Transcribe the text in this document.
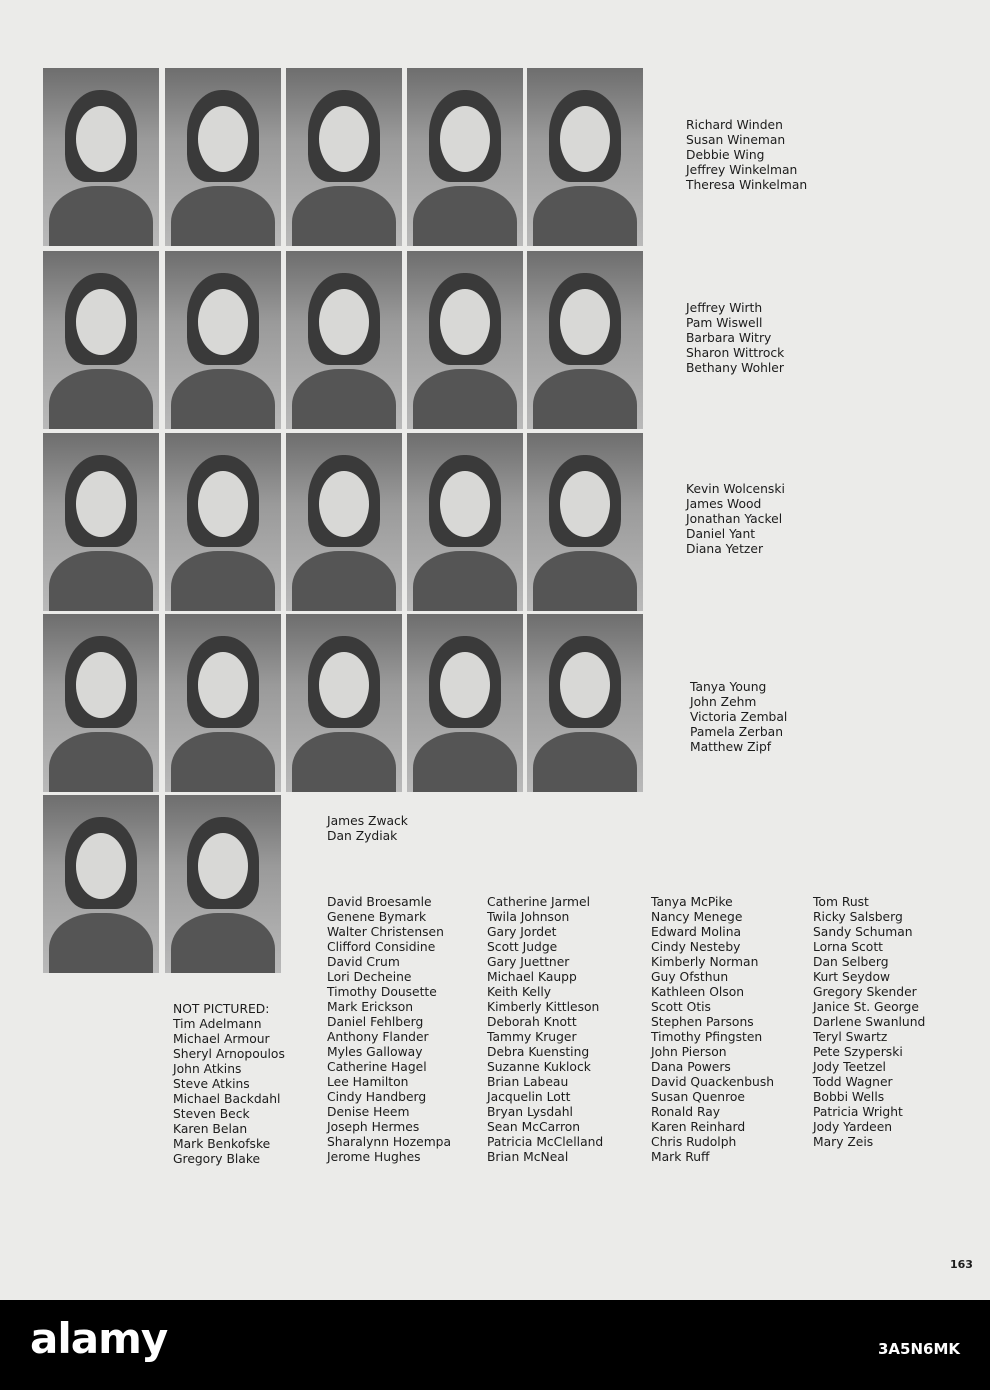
Richard Winden
Susan Wineman
Debbie Wing
Jeffrey Winkelman
Theresa Winkelman
Jeffrey Wirth
Pam Wiswell
Barbara Witry
Sharon Wittrock
Bethany Wohler
Kevin Wolcenski
James Wood
Jonathan Yackel
Daniel Yant
Diana Yetzer
Tanya Young
John Zehm
Victoria Zembal
Pamela Zerban
Matthew Zipf
James Zwack
Dan Zydiak
NOT PICTURED:
Tim Adelmann
Michael Armour
Sheryl Arnopoulos
John Atkins
Steve Atkins
Michael Backdahl
Steven Beck
Karen Belan
Mark Benkofske
Gregory Blake
David Broesamle
Genene Bymark
Walter Christensen
Clifford Considine
David Crum
Lori Decheine
Timothy Dousette
Mark Erickson
Daniel Fehlberg
Anthony Flander
Myles Galloway
Catherine Hagel
Lee Hamilton
Cindy Handberg
Denise Heem
Joseph Hermes
Sharalynn Hozempa
Jerome Hughes
Catherine Jarmel
Twila Johnson
Gary Jordet
Scott Judge
Gary Juettner
Michael Kaupp
Keith Kelly
Kimberly Kittleson
Deborah Knott
Tammy Kruger
Debra Kuensting
Suzanne Kuklock
Brian Labeau
Jacquelin Lott
Bryan Lysdahl
Sean McCarron
Patricia McClelland
Brian McNeal
Tanya McPike
Nancy Menege
Edward Molina
Cindy Nesteby
Kimberly Norman
Guy Ofsthun
Kathleen Olson
Scott Otis
Stephen Parsons
Timothy Pfingsten
John Pierson
Dana Powers
David Quackenbush
Susan Quenroe
Ronald Ray
Karen Reinhard
Chris Rudolph
Mark Ruff
Tom Rust
Ricky Salsberg
Sandy Schuman
Lorna Scott
Dan Selberg
Kurt Seydow
Gregory Skender
Janice St. George
Darlene Swanlund
Teryl Swartz
Pete Szyperski
Jody Teetzel
Todd Wagner
Bobbi Wells
Patricia Wright
Jody Yardeen
Mary Zeis
163
alamy	3A5N6MK
